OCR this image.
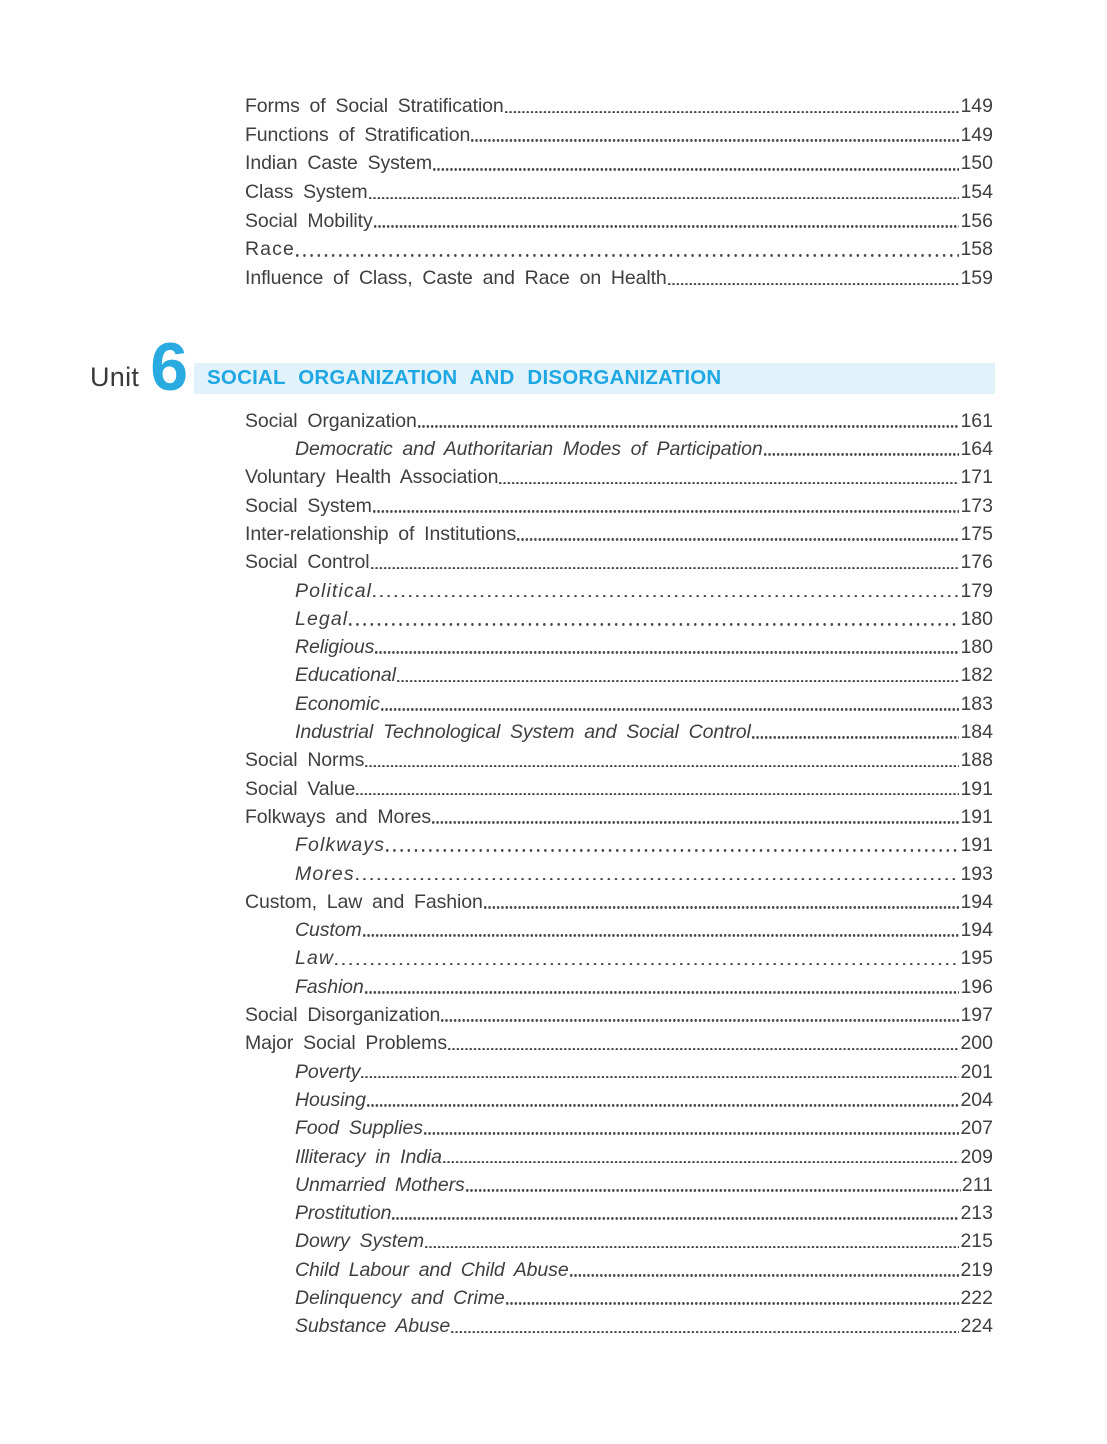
Forms of Social Stratification	149
Functions of Stratification	149
Indian Caste System	150
Class System	154
Social Mobility	156
Race	158
Influence of Class, Caste and Race on Health	159
Unit 6 SOCIAL ORGANIZATION AND DISORGANIZATION
Social Organization	161
Democratic and Authoritarian Modes of Participation	164
Voluntary Health Association	171
Social System	173
Inter-relationship of Institutions	175
Social Control	176
Political	179
Legal	180
Religious	180
Educational	182
Economic	183
Industrial Technological System and Social Control	184
Social Norms	188
Social Value	191
Folkways and Mores	191
Folkways	191
Mores	193
Custom, Law and Fashion	194
Custom	194
Law	195
Fashion	196
Social Disorganization	197
Major Social Problems	200
Poverty	201
Housing	204
Food Supplies	207
Illiteracy in India	209
Unmarried Mothers	211
Prostitution	213
Dowry System	215
Child Labour and Child Abuse	219
Delinquency and Crime	222
Substance Abuse	224
